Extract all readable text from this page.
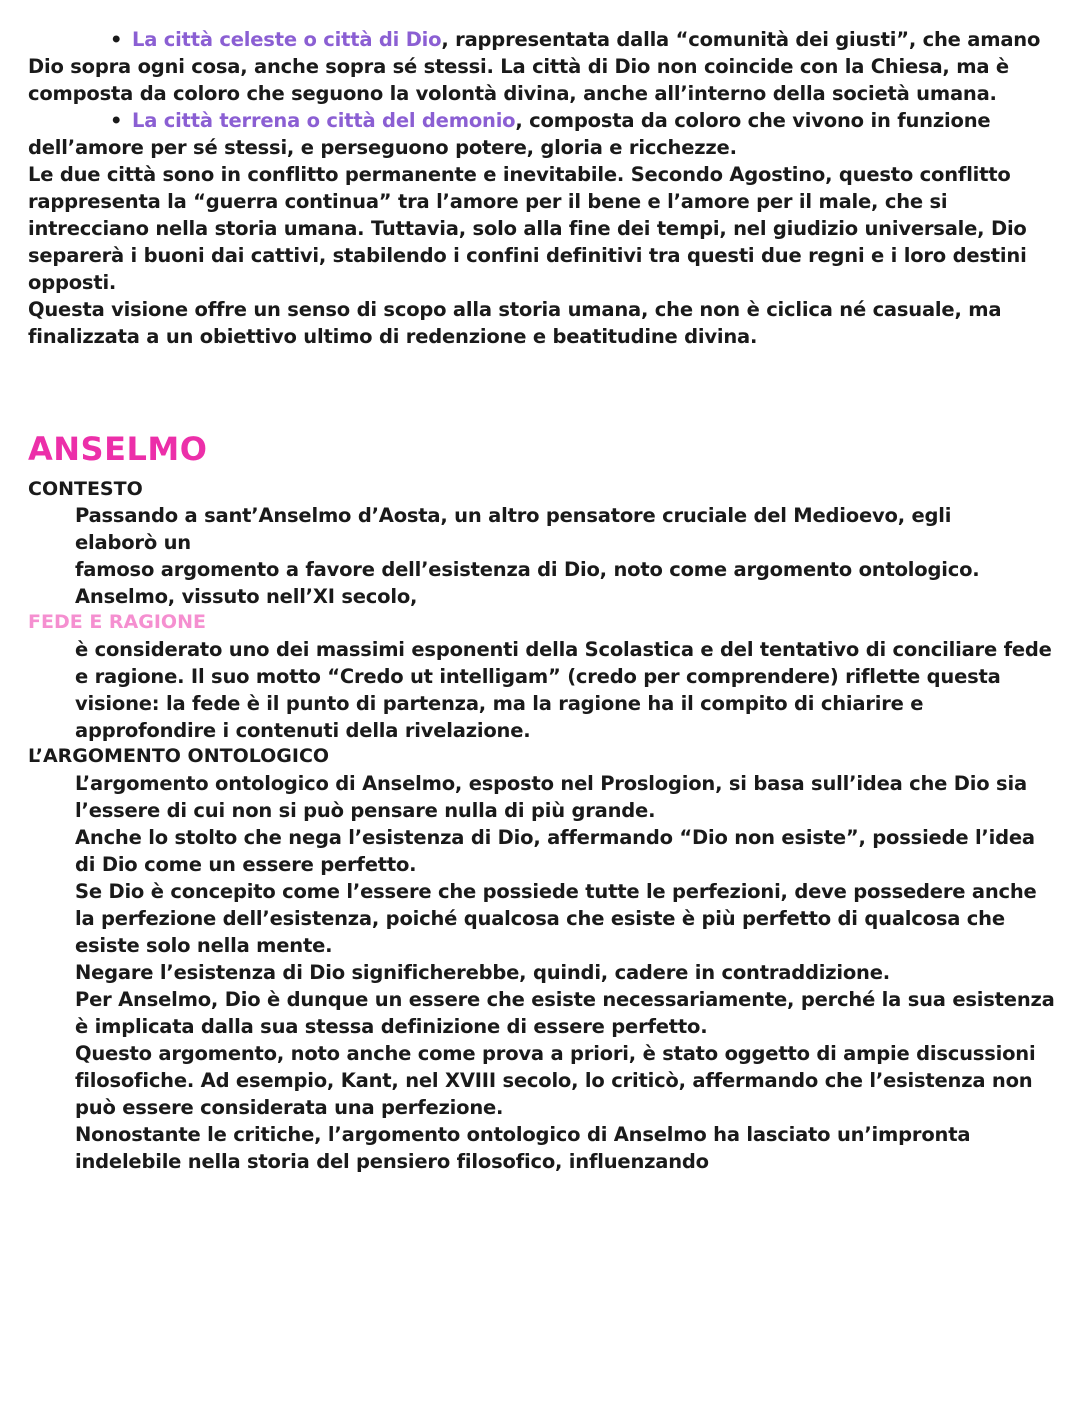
• La città celeste o città di Dio, rappresentata dalla “comunità dei giusti”, che amano Dio sopra ogni cosa, anche sopra sé stessi. La città di Dio non coincide con la Chiesa, ma è composta da coloro che seguono la volontà divina, anche all’interno della società umana.
• La città terrena o città del demonio, composta da coloro che vivono in funzione dell’amore per sé stessi, e perseguono potere, gloria e ricchezze.
Le due città sono in conflitto permanente e inevitabile. Secondo Agostino, questo conflitto rappresenta la “guerra continua” tra l’amore per il bene e l’amore per il male, che si intrecciano nella storia umana. Tuttavia, solo alla fine dei tempi, nel giudizio universale, Dio separerà i buoni dai cattivi, stabilendo i confini definitivi tra questi due regni e i loro destini opposti.
Questa visione offre un senso di scopo alla storia umana, che non è ciclica né casuale, ma finalizzata a un obiettivo ultimo di redenzione e beatitudine divina.
ANSELMO
CONTESTO
Passando a sant’Anselmo d’Aosta, un altro pensatore cruciale del Medioevo, egli
elaborò un
famoso argomento a favore dell’esistenza di Dio, noto come argomento ontologico.
Anselmo, vissuto nell’XI secolo,
FEDE E RAGIONE
è considerato uno dei massimi esponenti della Scolastica e del tentativo di conciliare fede e ragione. Il suo motto “Credo ut intelligam” (credo per comprendere) riflette questa visione: la fede è il punto di partenza, ma la ragione ha il compito di chiarire e approfondire i contenuti della rivelazione.
L’ARGOMENTO ONTOLOGICO
L’argomento ontologico di Anselmo, esposto nel Proslogion, si basa sull’idea che Dio sia l’essere di cui non si può pensare nulla di più grande.
Anche lo stolto che nega l’esistenza di Dio, affermando “Dio non esiste”, possiede l’idea di Dio come un essere perfetto.
Se Dio è concepito come l’essere che possiede tutte le perfezioni, deve possedere anche la perfezione dell’esistenza, poiché qualcosa che esiste è più perfetto di qualcosa che esiste solo nella mente.
Negare l’esistenza di Dio significherebbe, quindi, cadere in contraddizione.
Per Anselmo, Dio è dunque un essere che esiste necessariamente, perché la sua esistenza è implicata dalla sua stessa definizione di essere perfetto.
Questo argomento, noto anche come prova a priori, è stato oggetto di ampie discussioni filosofiche. Ad esempio, Kant, nel XVIII secolo, lo criticò, affermando che l’esistenza non può essere considerata una perfezione.
Nonostante le critiche, l’argomento ontologico di Anselmo ha lasciato un’impronta indelebile nella storia del pensiero filosofico, influenzando
